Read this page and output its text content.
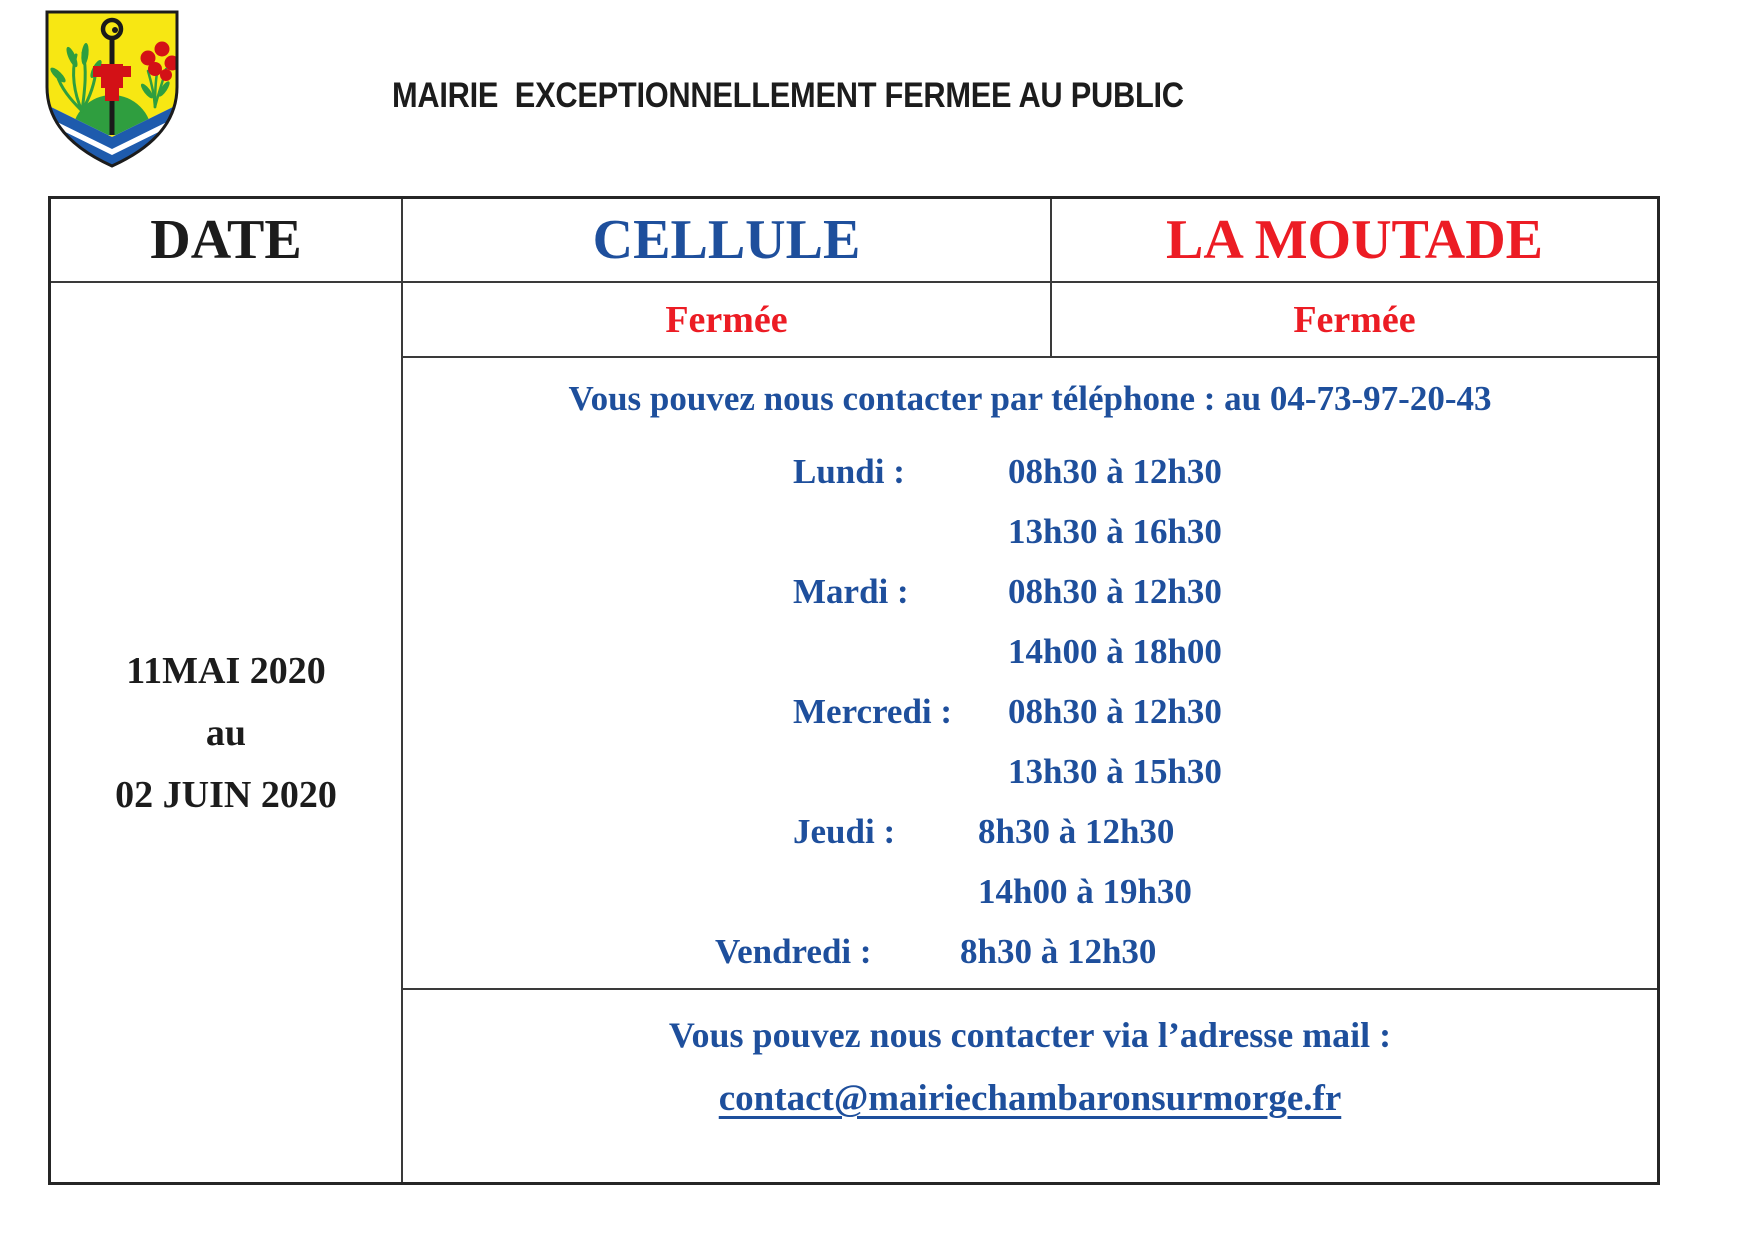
MAIRIE  EXCEPTIONNELLEMENT FERMEE AU PUBLIC
DATE	CELLULE	LA MOUTADE
11MAI 2020
au
02 JUIN 2020
Fermée	Fermée
Vous pouvez nous contacter par téléphone : au 04-73-97-20-43
Lundi :	08h30 à 12h30
13h30 à 16h30
Mardi :	08h30 à 12h30
14h00 à 18h00
Mercredi : 08h30 à 12h30
13h30 à 15h30
Jeudi : 8h30 à 12h30
14h00 à 19h30
Vendredi :	8h30 à 12h30
Vous pouvez nous contacter via l’adresse mail :
contact@mairiechambaronsurmorge.fr
